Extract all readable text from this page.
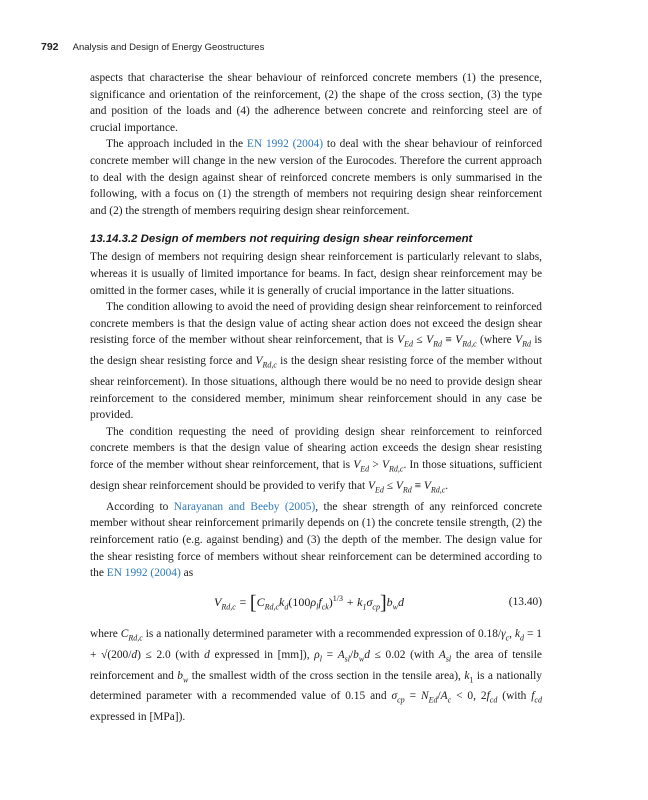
792 Analysis and Design of Energy Geostructures

aspects that characterise the shear behaviour of reinforced concrete members (1) the presence, significance and orientation of the reinforcement, (2) the shape of the cross section, (3) the type and position of the loads and (4) the adherence between concrete and reinforcing steel are of crucial importance.

The approach included in the EN 1992 (2004) to deal with the shear behaviour of reinforced concrete member will change in the new version of the Eurocodes. Therefore the current approach to deal with the design against shear of reinforced concrete members is only summarised in the following, with a focus on (1) the strength of members not requiring design shear reinforcement and (2) the strength of members requiring design shear reinforcement.

13.14.3.2 Design of members not requiring design shear reinforcement

The design of members not requiring design shear reinforcement is particularly relevant to slabs, whereas it is usually of limited importance for beams. In fact, design shear reinforcement may be omitted in the former cases, while it is generally of crucial importance in the latter situations.

The condition allowing to avoid the need of providing design shear reinforcement to reinforced concrete members is that the design value of acting shear action does not exceed the design shear resisting force of the member without shear reinforcement, that is $V_{Ed} \le V_{Rd} \equiv V_{Rd,c}$ (where $V_{Rd}$ is the design shear resisting force and $V_{Rd,c}$ is the design shear resisting force of the member without shear reinforcement). In those situations, although there would be no need to provide design shear reinforcement to the considered member, minimum shear reinforcement should in any case be provided.

The condition requesting the need of providing design shear reinforcement to reinforced concrete members is that the design value of shearing action exceeds the design shear resisting force of the member without shear reinforcement, that is $V_{Ed} > V_{Rd,c}$. In those situations, sufficient design shear reinforcement should be provided to verify that $V_{Ed} \le V_{Rd} \equiv V_{Rd,c}$.

According to Narayanan and Beeby (2005), the shear strength of any reinforced concrete member without shear reinforcement primarily depends on (1) the concrete tensile strength, (2) the reinforcement ratio (e.g. against bending) and (3) the depth of the member. The design value for the shear resisting force of members without shear reinforcement can be determined according to the EN 1992 (2004) as

$V_{Rd,c} = [C_{Rd,c}k_d(100\rho_lf_{ck})^{1/3} + k_1\sigma_{cp}]b_wd$	(13.40)

where $C_{Rd,c}$ is a nationally determined parameter with a recommended expression of $0.18/\gamma_c$, $k_d = 1 + √(200/d) \le 2.0$ (with d expressed in [mm]), $\rho_l = A_{sl}/b_wd \le 0.02$ (with $A_{sl}$ the area of tensile reinforcement and $b_w$ the smallest width of the cross section in the tensile area), $k_1$ is a nationally determined parameter with a recommended value of 0.15 and $\sigma_{cp} = N_{Ed}/A_c < 0$, $2f_{cd}$ (with $f_{cd}$ expressed in [MPa]).
